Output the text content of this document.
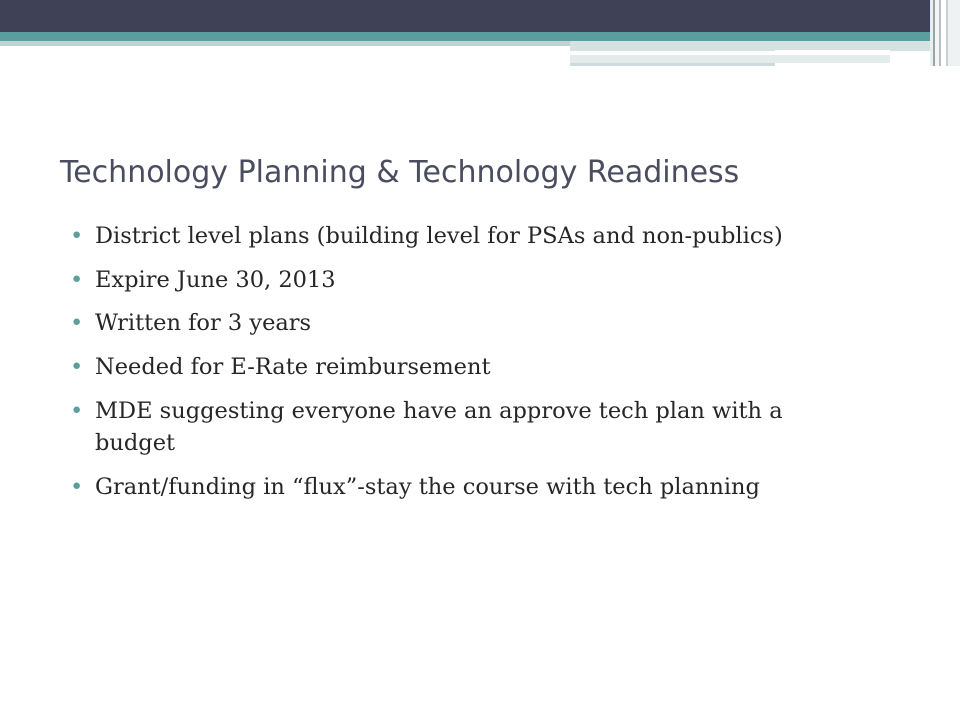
Technology Planning & Technology Readiness
• District level plans (building level for PSAs and non-publics)
• Expire June 30, 2013
• Written for 3 years
• Needed for E-Rate reimbursement
• MDE suggesting everyone have an approve tech plan with a budget
• Grant/funding in “flux”-stay the course with tech planning
